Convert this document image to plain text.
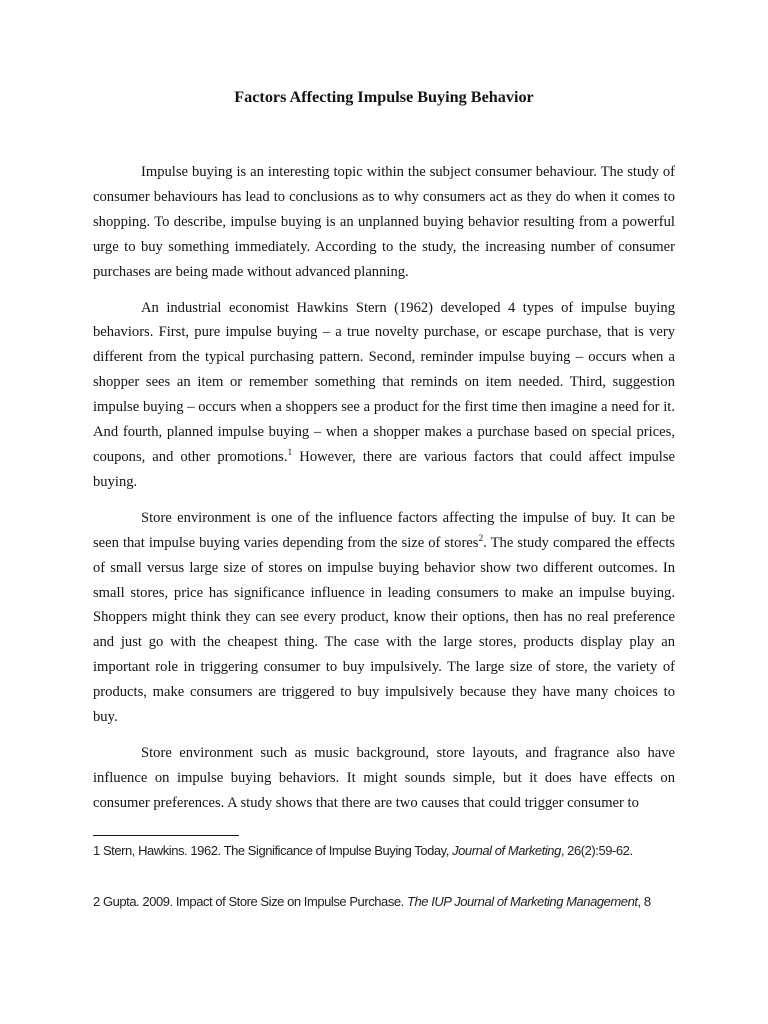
Factors Affecting Impulse Buying Behavior

Impulse buying is an interesting topic within the subject consumer behaviour. The study of consumer behaviours has lead to conclusions as to why consumers act as they do when it comes to shopping. To describe, impulse buying is an unplanned buying behavior resulting from a powerful urge to buy something immediately. According to the study, the increasing number of consumer purchases are being made without advanced planning.

An industrial economist Hawkins Stern (1962) developed 4 types of impulse buying behaviors. First, pure impulse buying – a true novelty purchase, or escape purchase, that is very different from the typical purchasing pattern. Second, reminder impulse buying – occurs when a shopper sees an item or remember something that reminds on item needed. Third, suggestion impulse buying – occurs when a shoppers see a product for the first time then imagine a need for it. And fourth, planned impulse buying – when a shopper makes a purchase based on special prices, coupons, and other promotions.$^1$ However, there are various factors that could affect impulse buying.

Store environment is one of the influence factors affecting the impulse of buy. It can be seen that impulse buying varies depending from the size of stores$^2$. The study compared the effects of small versus large size of stores on impulse buying behavior show two different outcomes. In small stores, price has significance influence in leading consumers to make an impulse buying. Shoppers might think they can see every product, know their options, then has no real preference and just go with the cheapest thing. The case with the large stores, products display play an important role in triggering consumer to buy impulsively. The large size of store, the variety of products, make consumers are triggered to buy impulsively because they have many choices to buy.

Store environment such as music background, store layouts, and fragrance also have influence on impulse buying behaviors. It might sounds simple, but it does have effects on consumer preferences. A study shows that there are two causes that could trigger consumer to

1 Stern, Hawkins. 1962. The Significance of Impulse Buying Today, Journal of Marketing, 26(2):59-62.

2 Gupta. 2009. Impact of Store Size on Impulse Purchase. The IUP Journal of Marketing Management, 8
